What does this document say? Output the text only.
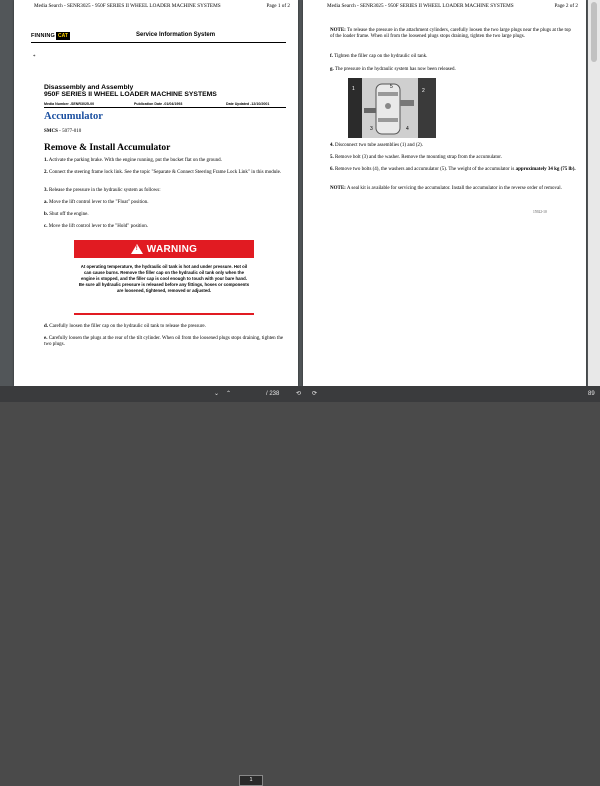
Media Search - SENR3025 - 950F SERIES II WHEEL LOADER MACHINE SYSTEMS	Page 1 of 2
FINNING CAT	Service Information System
*
Disassembly and Assembly
950F SERIES II WHEEL LOADER MACHINE SYSTEMS
Media Number -SENR3025-00	Publication Date -01/04/1993	Date Updated -12/10/2001
Accumulator
SMCS - 5077-010
Remove & Install Accumulator
1. Activate the parking brake. With the engine running, put the bucket flat on the ground.
2. Connect the steering frame lock link. See the topic "Separate & Connect Steering Frame Lock Link" in this module.
3. Release the pressure in the hydraulic system as follows:
a. Move the lift control lever to the "Float" position.
b. Shut off the engine.
c. Move the lift control lever to the "Hold" position.
! WARNING
At operating temperature, the hydraulic oil tank is hot and under pressure. Hot oil can cause burns. Remove the filler cap on the hydraulic oil tank only when the engine is stopped, and the filler cap is cool enough to touch with your bare hand. Be sure all hydraulic pressure is released before any fittings, hoses or components are loosened, tightened, removed or adjusted.
d. Carefully loosen the filler cap on the hydraulic oil tank to release the pressure.
e. Carefully loosen the plugs at the rear of the tilt cylinder. When oil from the loosened plugs stops draining, tighten the two plugs.
Media Search - SENR3025 - 950F SERIES II WHEEL LOADER MACHINE SYSTEMS	Page 2 of 2
NOTE: To release the pressure in the attachment cylinders, carefully loosen the two large plugs near the plugs at the top of the loader frame. When oil from the loosened plugs stops draining, tighten the two large plugs.
f. Tighten the filler cap on the hydraulic oil tank.
g. The pressure in the hydraulic system has now been released.
1	2
3	4
5
4. Disconnect two tube assemblies (1) and (2).
5. Remove bolt (3) and the washer. Remove the mounting strap from the accumulator.
6. Remove two bolts (4), the washers and accumulator (5). The weight of the accumulator is approximately 34 kg (75 lb).
NOTE: A seal kit is available for servicing the accumulator. Install the accumulator in the reverse order of removal.
15922-10
⌄ ⌃
1
/ 238	⟲ ⟳	89
